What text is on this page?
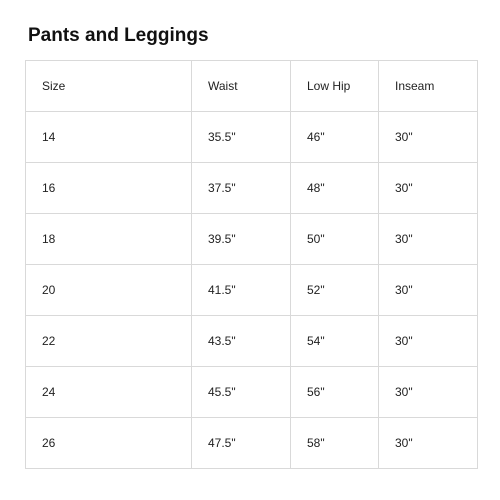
Pants and Leggings
Size	Waist	Low Hip	Inseam
14	35.5"	46"	30"
16	37.5"	48"	30"
18	39.5"	50"	30"
20	41.5"	52"	30"
22	43.5"	54"	30"
24	45.5"	56"	30"
26	47.5"	58"	30"
